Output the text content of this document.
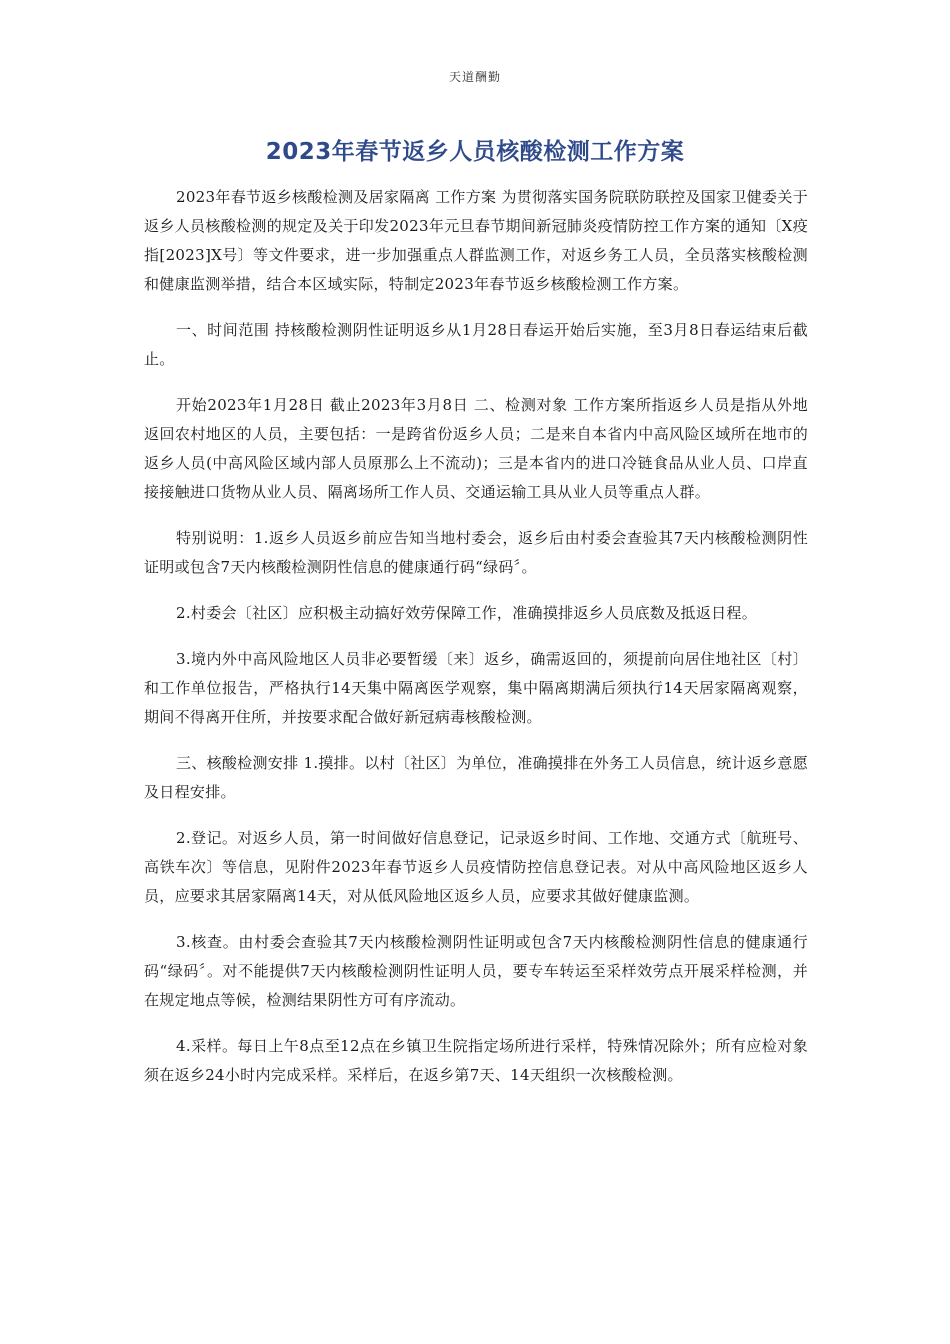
天道酬勤
2023年春节返乡人员核酸检测工作方案

2023年春节返乡核酸检测及居家隔离 工作方案 为贯彻落实国务院联防联控及国家卫健委关于返乡人员核酸检测的规定及关于印发2023年元旦春节期间新冠肺炎疫情防控工作方案的通知〔X疫指[2023]X号〕等文件要求，进一步加强重点人群监测工作，对返乡务工人员，全员落实核酸检测和健康监测举措，结合本区域实际，特制定2023年春节返乡核酸检测工作方案。

一、时间范围 持核酸检测阴性证明返乡从1月28日春运开始后实施，至3月8日春运结束后截止。

开始2023年1月28日 截止2023年3月8日 二、检测对象 工作方案所指返乡人员是指从外地返回农村地区的人员，主要包括：一是跨省份返乡人员；二是来自本省内中高风险区域所在地市的返乡人员(中高风险区域内部人员原那么上不流动)；三是本省内的进口冷链食品从业人员、口岸直接接触进口货物从业人员、隔离场所工作人员、交通运输工具从业人员等重点人群。

特别说明：1.返乡人员返乡前应告知当地村委会，返乡后由村委会查验其7天内核酸检测阴性证明或包含7天内核酸检测阴性信息的健康通行码“绿码〞。

2.村委会〔社区〕应积极主动搞好效劳保障工作，准确摸排返乡人员底数及抵返日程。

3.境内外中高风险地区人员非必要暂缓〔来〕返乡，确需返回的，须提前向居住地社区〔村〕和工作单位报告，严格执行14天集中隔离医学观察，集中隔离期满后须执行14天居家隔离观察，期间不得离开住所，并按要求配合做好新冠病毒核酸检测。

三、核酸检测安排 1.摸排。以村〔社区〕为单位，准确摸排在外务工人员信息，统计返乡意愿及日程安排。

2.登记。对返乡人员，第一时间做好信息登记，记录返乡时间、工作地、交通方式〔航班号、高铁车次〕等信息，见附件2023年春节返乡人员疫情防控信息登记表。对从中高风险地区返乡人员，应要求其居家隔离14天，对从低风险地区返乡人员，应要求其做好健康监测。

3.核查。由村委会查验其7天内核酸检测阴性证明或包含7天内核酸检测阴性信息的健康通行码“绿码〞。对不能提供7天内核酸检测阴性证明人员，要专车转运至采样效劳点开展采样检测，并在规定地点等候，检测结果阴性方可有序流动。

4.采样。每日上午8点至12点在乡镇卫生院指定场所进行采样，特殊情况除外；所有应检对象须在返乡24小时内完成采样。采样后，在返乡第7天、14天组织一次核酸检测。
